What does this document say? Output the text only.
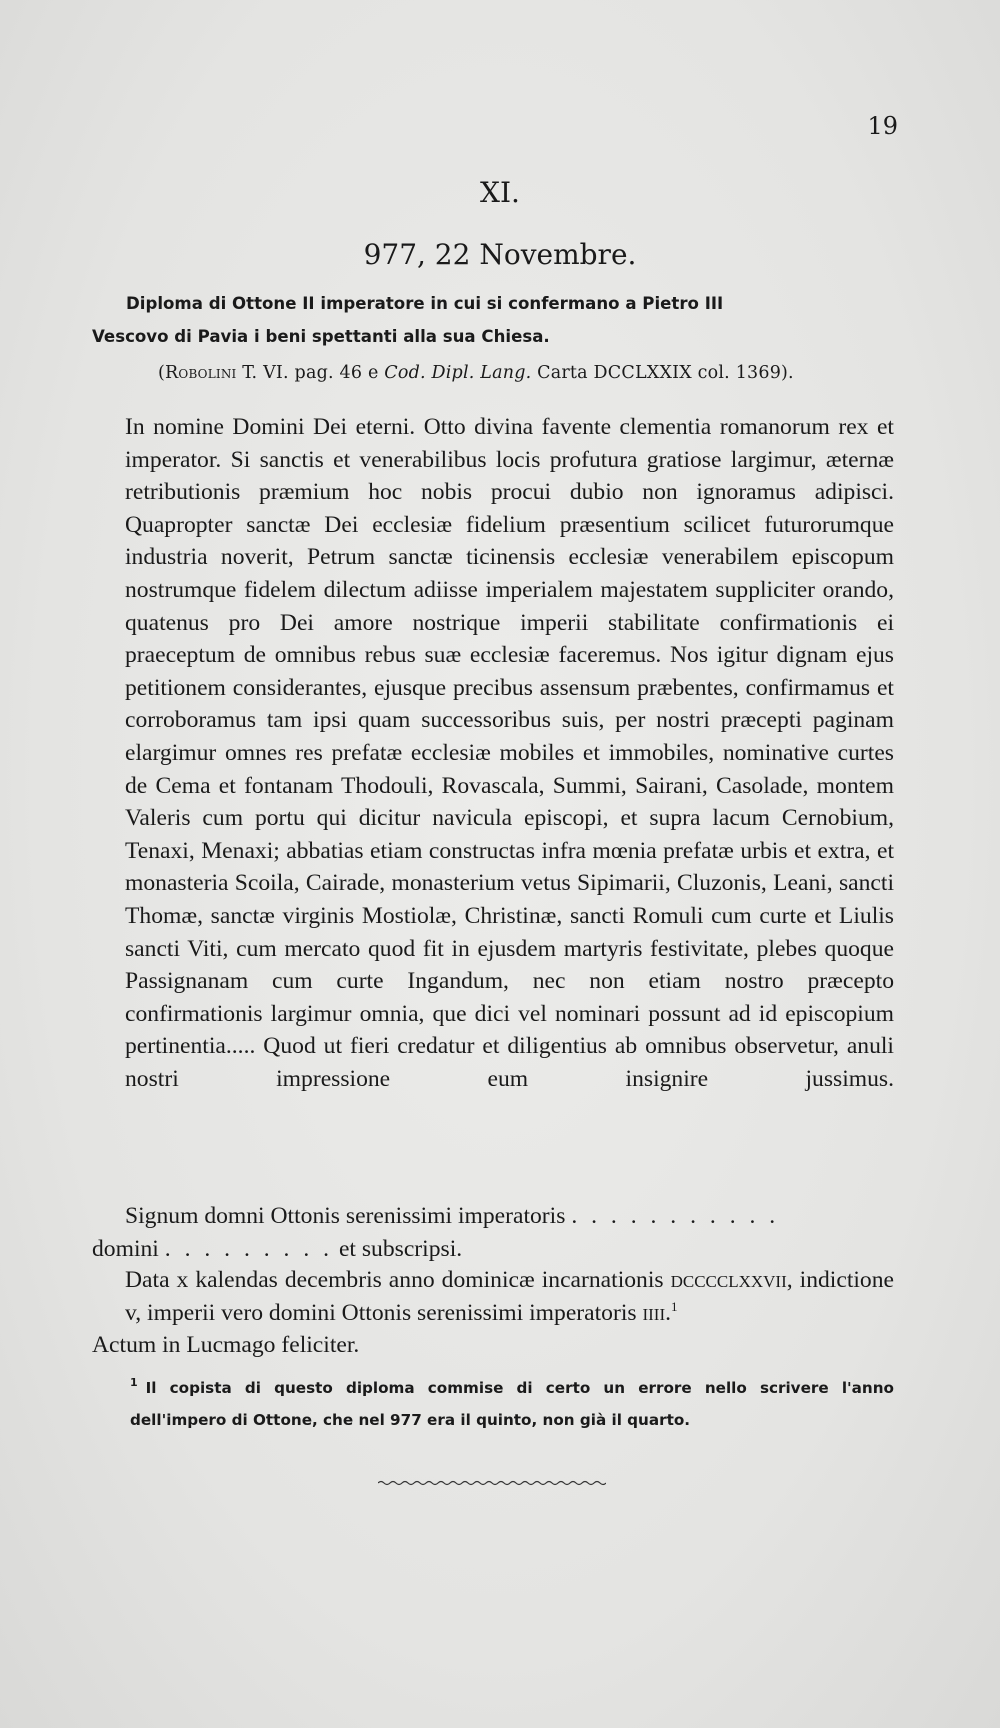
19
XI.
977, 22 Novembre.
Diploma di Ottone II imperatore in cui si confermano a Pietro III
Vescovo di Pavia i beni spettanti alla sua Chiesa.
(Robolini T. VI. pag. 46 e Cod. Dipl. Lang. Carta DCCLXXIX col. 1369).
In nomine Domini Dei eterni. Otto divina favente clementia romanorum rex et imperator. Si sanctis et venerabilibus locis profutura gratiose largimur, æternæ retributionis præmium hoc nobis procui dubio non ignoramus adipisci. Quapropter sanctæ Dei ecclesiæ fidelium præsentium scilicet futurorumque industria noverit, Petrum sanctæ ticinensis ecclesiæ venerabilem episcopum nostrumque fidelem dilectum adiisse imperialem majestatem suppliciter orando, quatenus pro Dei amore nostrique imperii stabilitate confirmationis ei praeceptum de omnibus rebus suæ ecclesiæ faceremus. Nos igitur dignam ejus petitionem considerantes, ejusque precibus assensum præbentes, confirmamus et corroboramus tam ipsi quam successoribus suis, per nostri præcepti paginam elargimur omnes res prefatæ ecclesiæ mobiles et immobiles, nominative curtes de Cema et fontanam Thodouli, Rovascala, Summi, Sairani, Casolade, montem Valeris cum portu qui dicitur navicula episcopi, et supra lacum Cernobium, Tenaxi, Menaxi; abbatias etiam constructas infra mœnia prefatæ urbis et extra, et monasteria Scoila, Cairade, monasterium vetus Sipimarii, Cluzonis, Leani, sancti Thomæ, sanctæ virginis Mostiolæ, Christinæ, sancti Romuli cum curte et Liulis sancti Viti, cum mercato quod fit in ejusdem martyris festivitate, plebes quoque Passignanam cum curte Ingandum, nec non etiam nostro præcepto confirmationis largimur omnia, que dici vel nominari possunt ad id episcopium pertinentia..... Quod ut fieri credatur et diligentius ab omnibus observetur, anuli nostri impressione eum insignire jussimus.
Signum domni Ottonis serenissimi imperatoris . . . . . . . . . . .
domini . . . . . . . . . et subscripsi.
Data x kalendas decembris anno dominicæ incarnationis dcccclxxvii, indictione v, imperii vero domini Ottonis serenissimi imperatoris iiii.$^1$
Actum in Lucmago feliciter.
$^1$ Il copista di questo diploma commise di certo un errore nello scrivere l'anno dell'impero di Ottone, che nel 977 era il quinto, non già il quarto.
